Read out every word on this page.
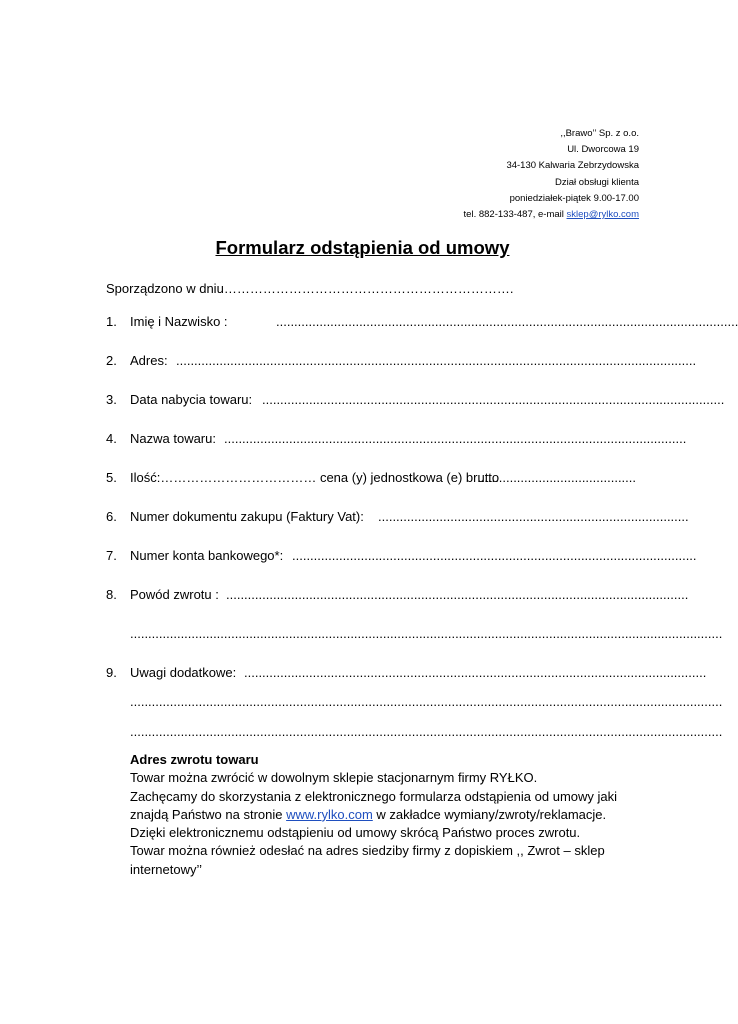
,,Brawo’’ Sp. z o.o.
Ul. Dworcowa 19
34-130 Kalwaria Zebrzydowska
Dział obsługi klienta
poniedziałek-piątek 9.00-17.00
tel. 882-133-487, e-mail sklep@rylko.com
Formularz odstąpienia od umowy
Sporządzono w dniu………………………………………………………….
1.	Imię i Nazwisko :	................................................................................................................................
2.	Adres: ................................................................................................................................................
3.	Data nabycia towaru: ................................................................................................................................
4.	Nazwa towaru: ................................................................................................................................
5.	Ilość:……………………………… cena (y) jednostkowa (e) brutto
............................................
6.	Numer dokumentu zakupu (Faktury Vat): ......................................................................................
7.	Numer konta bankowego*: ................................................................................................................
8.	Powód zwrotu : ................................................................................................................................
....................................................................................................................................................................
9.	Uwagi dodatkowe: ................................................................................................................................
....................................................................................................................................................................
....................................................................................................................................................................
Adres zwrotu towaru
Towar można zwrócić w dowolnym sklepie stacjonarnym firmy RYŁKO.
Zachęcamy do skorzystania z elektronicznego formularza odstąpienia od umowy jaki znajdą Państwo na stronie www.rylko.com w zakładce wymiany/zwroty/reklamacje.
Dzięki elektronicznemu odstąpieniu od umowy skrócą Państwo proces zwrotu.
Towar można również odesłać na adres siedziby firmy z dopiskiem ,, Zwrot – sklep internetowy’’
